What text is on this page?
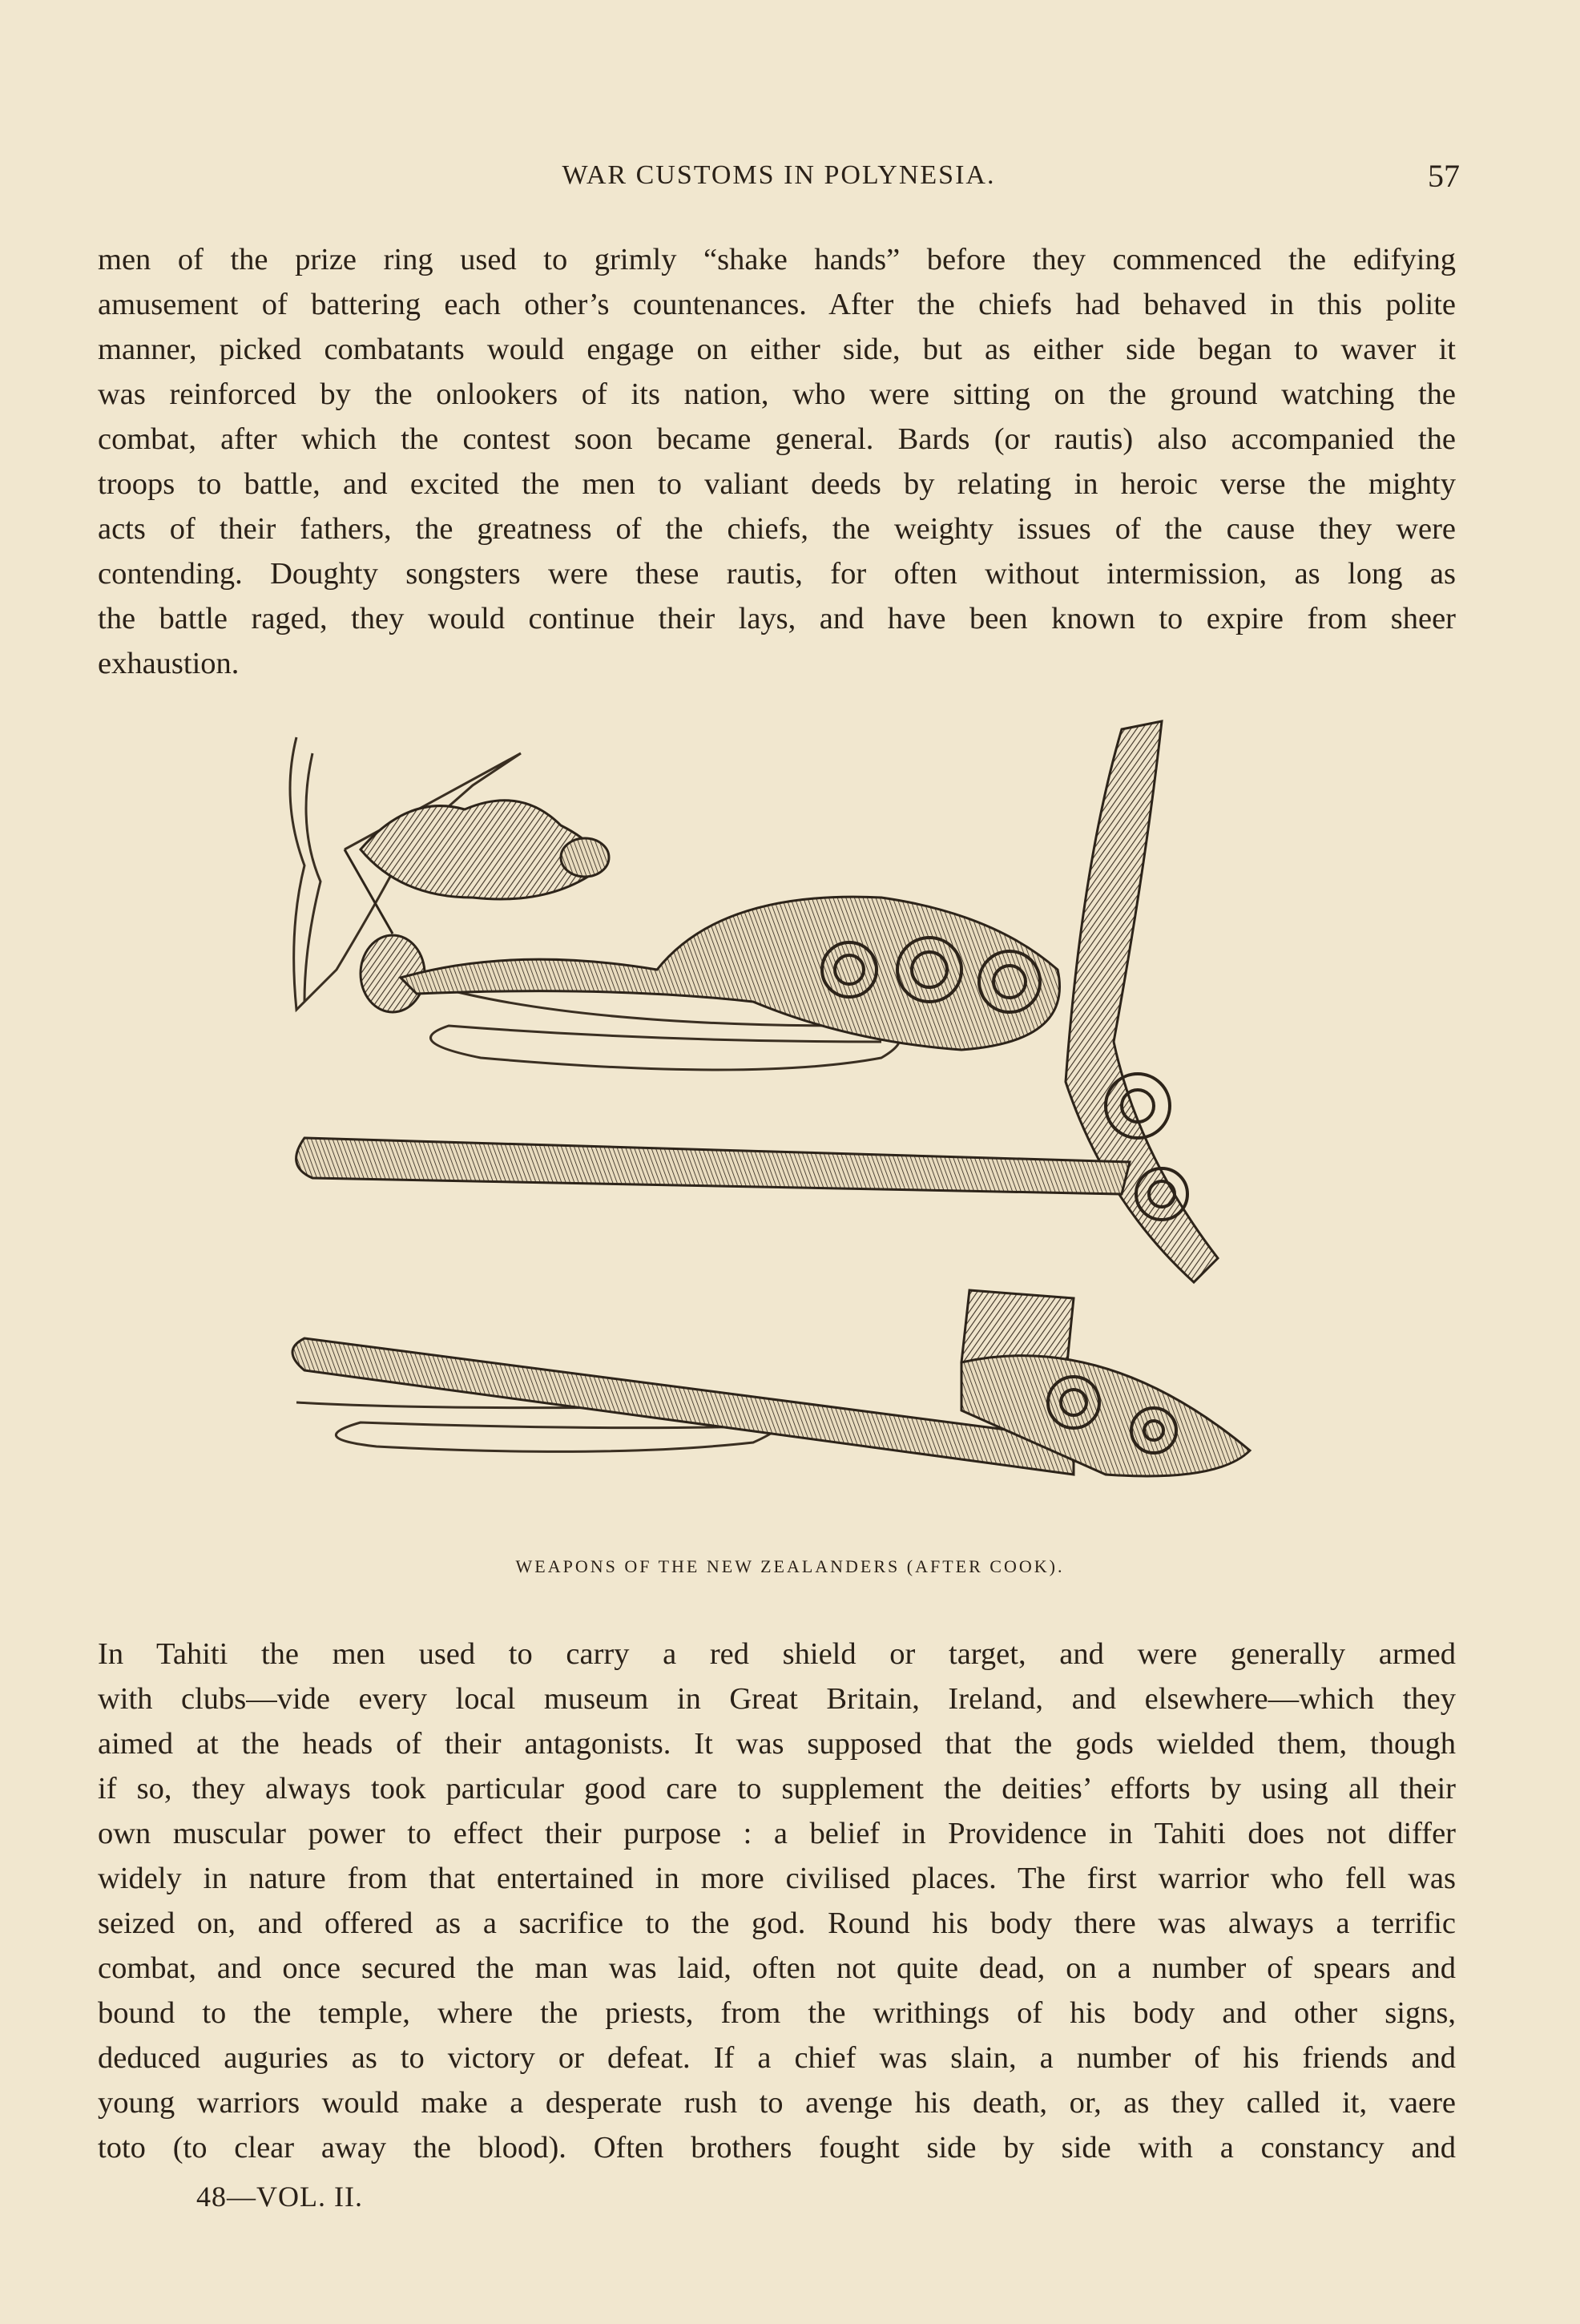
WAR CUSTOMS IN POLYNESIA.	57
men of the prize ring used to grimly “shake hands” before they commenced the edifying
amusement of battering each other’s countenances. After the chiefs had behaved in this polite
manner, picked combatants would engage on either side, but as either side began to waver it
was reinforced by the onlookers of its nation, who were sitting on the ground watching the
combat, after which the contest soon became general. Bards (or rautis) also accompanied the
troops to battle, and excited the men to valiant deeds by relating in heroic verse the mighty
acts of their fathers, the greatness of the chiefs, the weighty issues of the cause they were
contending. Doughty songsters were these rautis, for often without intermission, as long as
the battle raged, they would continue their lays, and have been known to expire from sheer
exhaustion.
WEAPONS OF THE NEW ZEALANDERS (AFTER COOK).
In Tahiti the men used to carry a red shield or target, and were generally armed
with clubs—vide every local museum in Great Britain, Ireland, and elsewhere—which they
aimed at the heads of their antagonists. It was supposed that the gods wielded them, though
if so, they always took particular good care to supplement the deities’ efforts by using all their
own muscular power to effect their purpose : a belief in Providence in Tahiti does not differ
widely in nature from that entertained in more civilised places. The first warrior who fell was
seized on, and offered as a sacrifice to the god. Round his body there was always a terrific
combat, and once secured the man was laid, often not quite dead, on a number of spears and
bound to the temple, where the priests, from the writhings of his body and other signs,
deduced auguries as to victory or defeat. If a chief was slain, a number of his friends and
young warriors would make a desperate rush to avenge his death, or, as they called it, vaere
toto (to clear away the blood). Often brothers fought side by side with a constancy and
48—VOL. II.
